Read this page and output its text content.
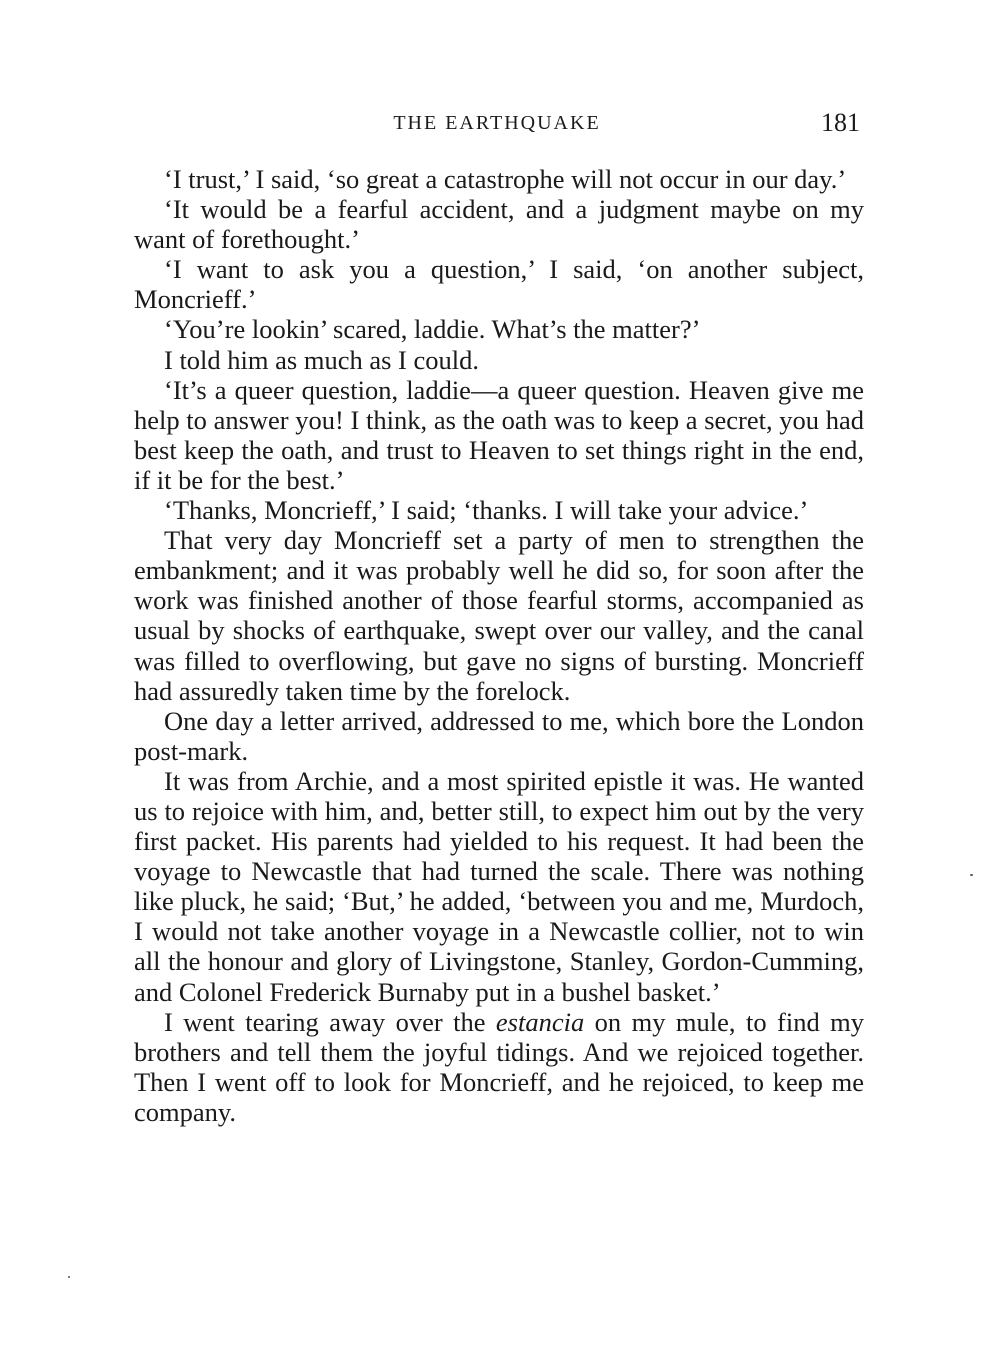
THE EARTHQUAKE	181

‘I trust,’ I said, ‘so great a catastrophe will not occur in our day.’

‘It would be a fearful accident, and a judgment maybe on my want of forethought.’

‘I want to ask you a question,’ I said, ‘on another subject, Moncrieff.’

‘You’re lookin’ scared, laddie. What’s the matter?’

I told him as much as I could.

‘It’s a queer question, laddie—a queer question. Heaven give me help to answer you! I think, as the oath was to keep a secret, you had best keep the oath, and trust to Heaven to set things right in the end, if it be for the best.’

‘Thanks, Moncrieff,’ I said; ‘thanks. I will take your advice.’

That very day Moncrieff set a party of men to strengthen the embankment; and it was probably well he did so, for soon after the work was finished another of those fearful storms, accompanied as usual by shocks of earthquake, swept over our valley, and the canal was filled to overflowing, but gave no signs of bursting. Moncrieff had assuredly taken time by the forelock.

One day a letter arrived, addressed to me, which bore the London post-mark.

It was from Archie, and a most spirited epistle it was. He wanted us to rejoice with him, and, better still, to expect him out by the very first packet. His parents had yielded to his request. It had been the voyage to Newcastle that had turned the scale. There was nothing like pluck, he said; ‘But,’ he added, ‘between you and me, Murdoch, I would not take another voyage in a Newcastle collier, not to win all the honour and glory of Livingstone, Stanley, Gordon-Cumming, and Colonel Frederick Burnaby put in a bushel basket.’

I went tearing away over the estancia on my mule, to find my brothers and tell them the joyful tidings. And we rejoiced together. Then I went off to look for Moncrieff, and he rejoiced, to keep me company.
